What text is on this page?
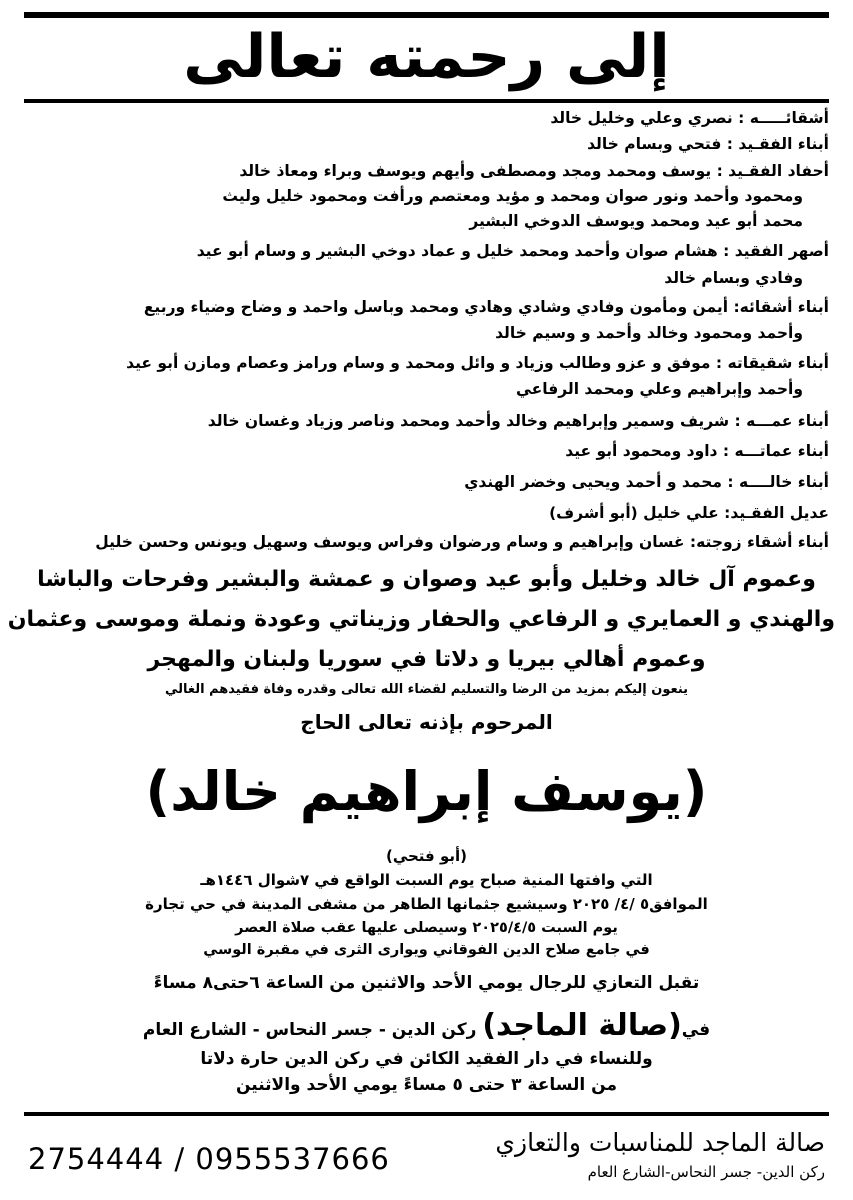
إلى رحمته تعالى
أشقائـــــه : نصري وعلي وخليل خالد
أبناء الفقـيد : فتحي وبسام خالد
أحفاد الفقـيد : يوسف ومحمد ومجد ومصطفى وأيهم ويوسف وبراء ومعاذ خالد
ومحمود وأحمد ونور صوان ومحمد و مؤيد ومعتصم ورأفت ومحمود خليل وليث
محمد أبو عيد ومحمد ويوسف الدوخي البشير
أصهر الفقيد : هشام صوان وأحمد ومحمد خليل و عماد دوخي البشير و وسام أبو عيد
وفادي وبسام خالد
أبناء أشقائه: أيمن ومأمون وفادي وشادي وهادي ومحمد وباسل واحمد و وضاح وضياء وربيع
وأحمد ومحمود وخالد وأحمد و وسيم خالد
أبناء شقيقاته : موفق و عزو وطالب وزياد و وائل ومحمد و وسام ورامز وعصام ومازن أبو عيد
وأحمد وإبراهيم وعلي ومحمد الرفاعي
أبناء عمـــه : شريف وسمير وإبراهيم وخالد وأحمد ومحمد وناصر وزياد وغسان خالد
أبناء عماتـــه : داود ومحمود أبو عيد
أبناء خالــــه : محمد و أحمد ويحيى وخضر الهندي
عديل الفقـيد: علي خليل (أبو أشرف)
أبناء أشقاء زوجته: غسان وإبراهيم و وسام ورضوان وفراس ويوسف وسهيل ويونس وحسن خليل
وعموم آل خالد وخليل وأبو عيد وصوان و عمشة والبشير وفرحات والباشا
والهندي و العمايري و الرفاعي والحفار وزيناتي وعودة ونملة وموسى وعثمان
وعموم أهالي بيريا و دلاتا في سوريا ولبنان والمهجر
ينعون إليكم بمزيد من الرضا والتسليم لقضاء الله تعالى وقدره وفاة فقيدهم الغالي
المرحوم بإذنه تعالى الحاج
(يوسف إبراهيم خالد)
(أبو فتحي)
التي وافتها المنية صباح يوم السبت الواقع في ٧شوال ١٤٤٦هـ
الموافق٥ /٤/ ٢٠٢٥ وسيشيع جثمانها الطاهر من مشفى المدينة في حي تجارة
يوم السبت ٢٠٢٥/٤/٥ وسيصلى عليها عقب صلاة العصر
في جامع صلاح الدين الفوقاني ويوارى الثرى في مقبرة الوسي
تقبل التعازي للرجال يومي الأحد والاثنين من الساعة ٦حتى٨ مساءً
في(صالة الماجد) ركن الدين - جسر النحاس - الشارع العام
وللنساء في دار الفقيد الكائن في ركن الدين حارة دلاتا
من الساعة ٣ حتى ٥ مساءً يومي الأحد والاثنين
2754444 / 0955537666	صالة الماجد للمناسبات والتعازي
ركن الدين- جسر النحاس-الشارع العام
